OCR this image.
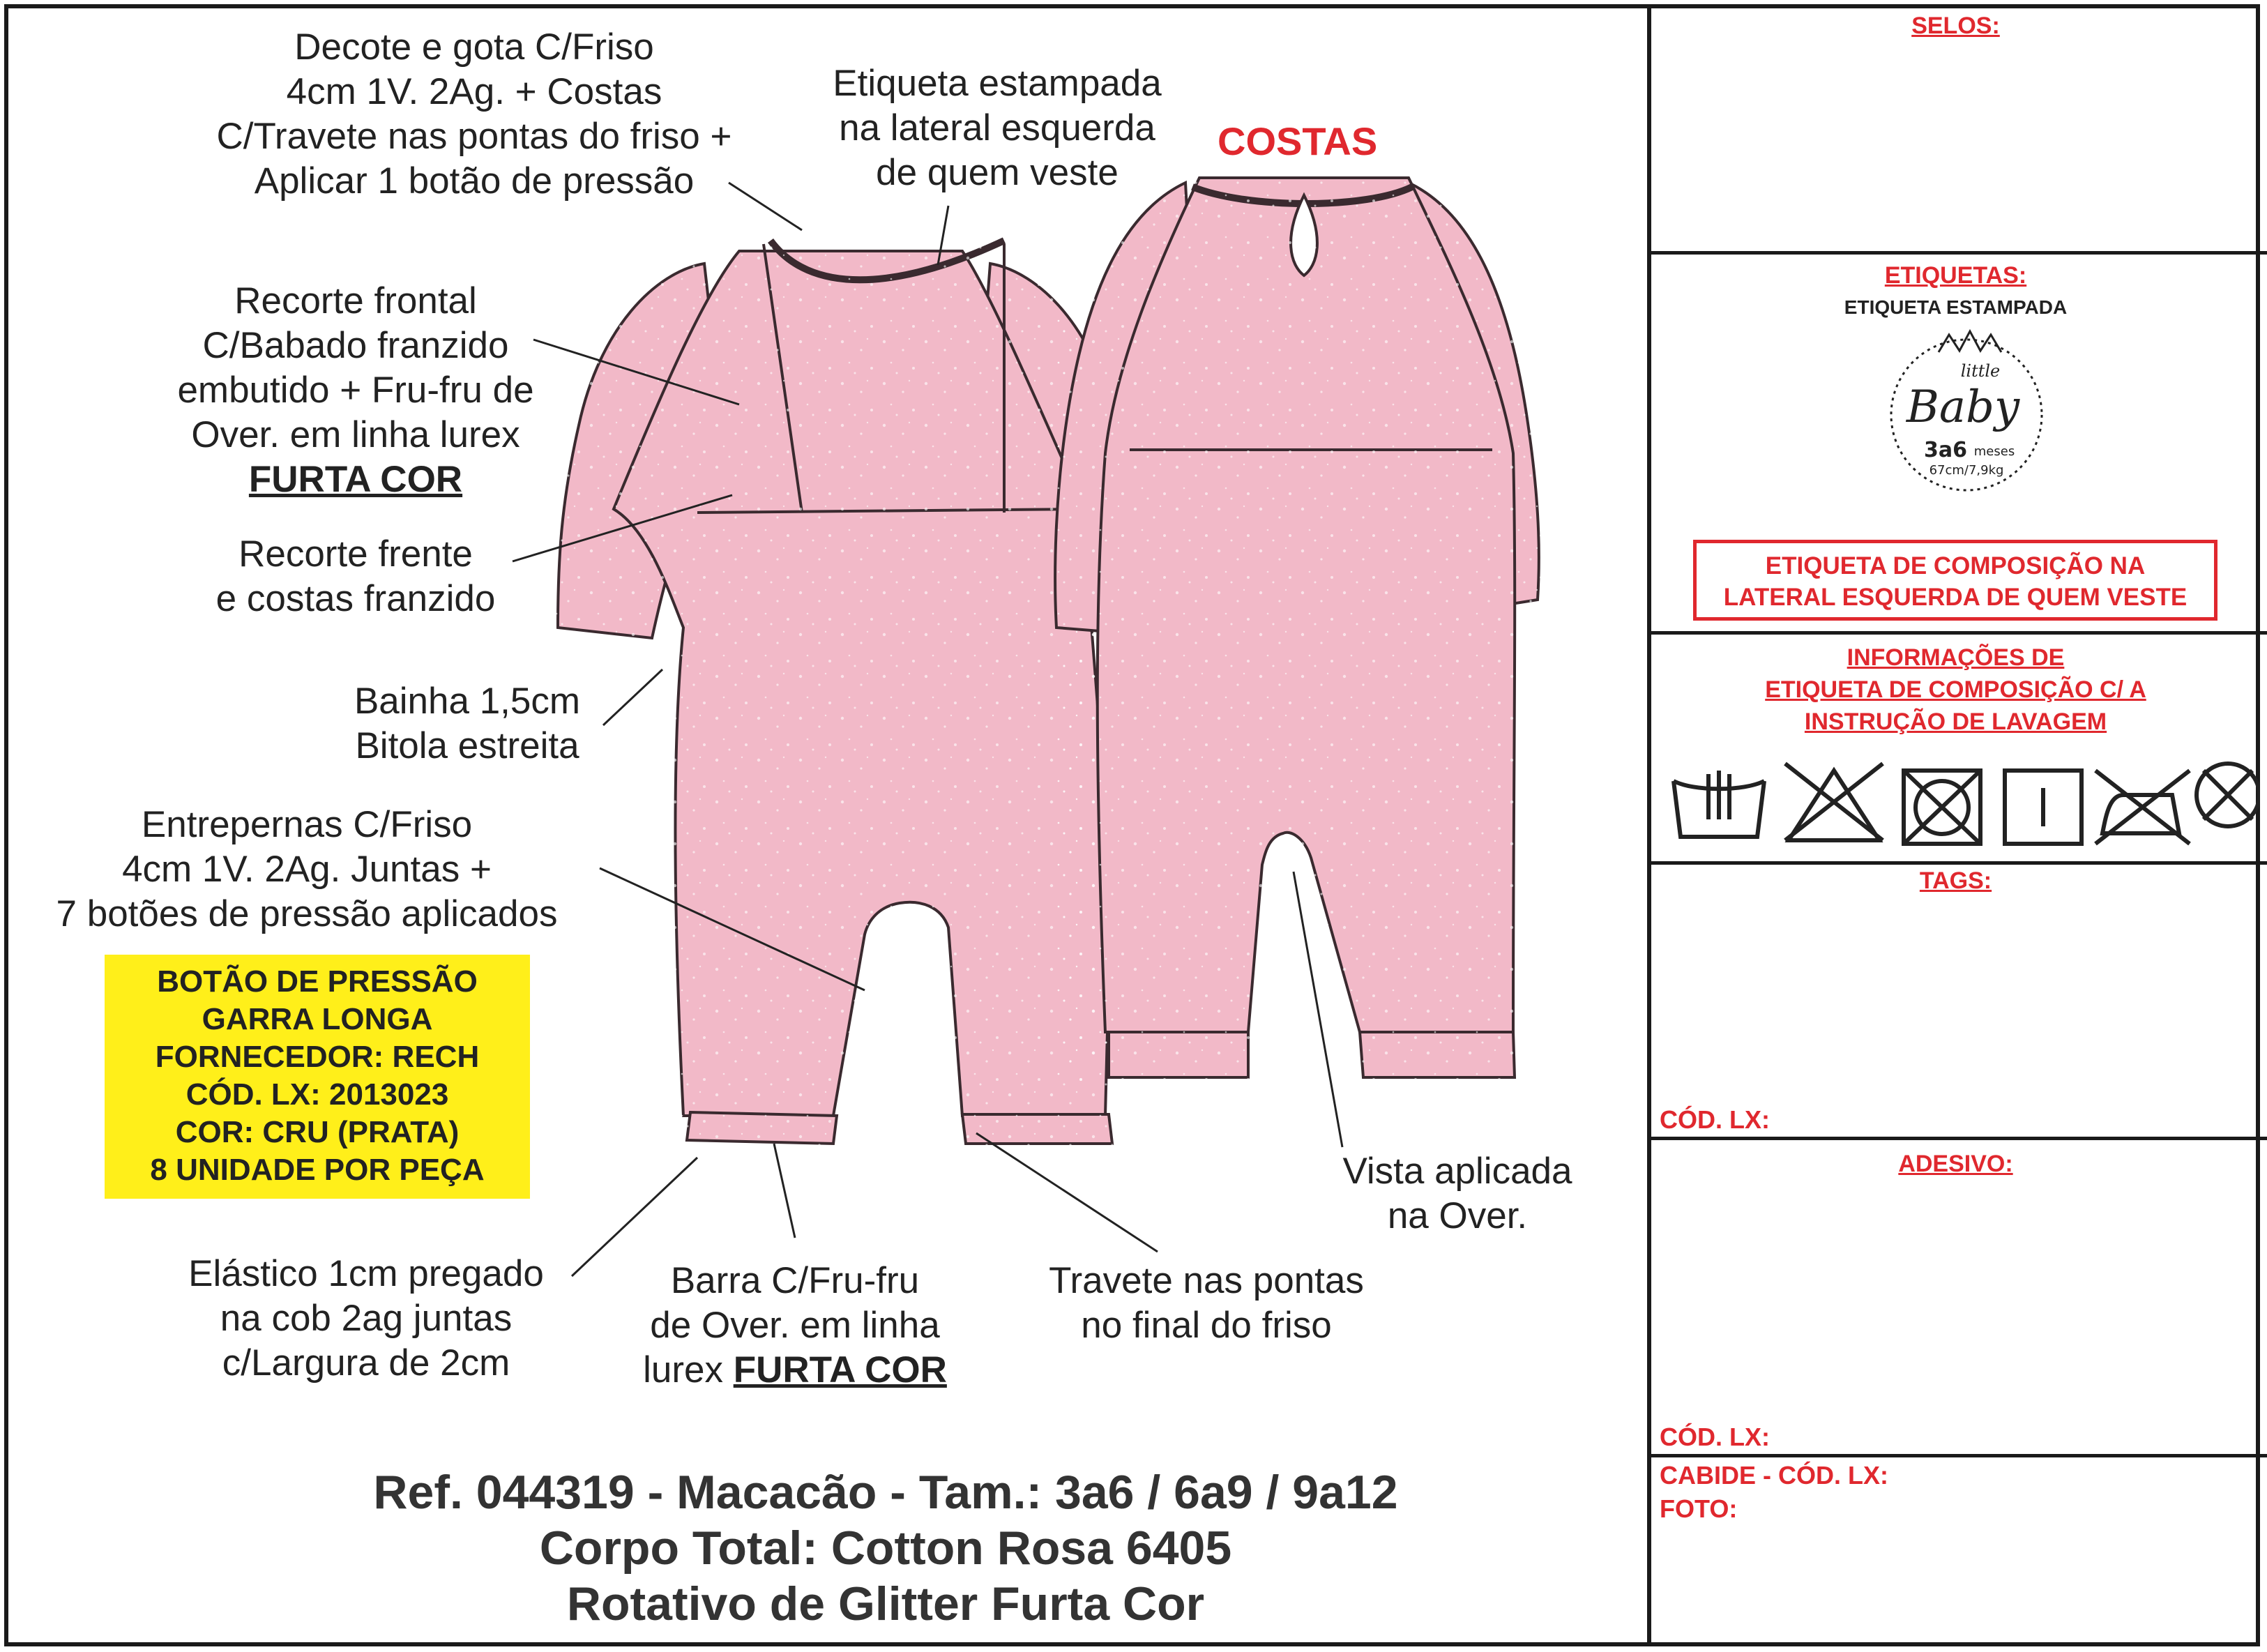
Decote e gota C/Friso
4cm 1V. 2Ag. + Costas
C/Travete nas pontas do friso +
Aplicar 1 botão de pressão
Etiqueta estampada
na lateral esquerda
de quem veste
COSTAS
Recorte frontal
C/Babado franzido
embutido + Fru-fru de
Over. em linha lurex
FURTA COR
Recorte frente
e costas franzido
Bainha 1,5cm
Bitola estreita
Entrepernas C/Friso
4cm 1V. 2Ag. Juntas +
7 botões de pressão aplicados
BOTÃO DE PRESSÃO
GARRA LONGA
FORNECEDOR: RECH
CÓD. LX: 2013023
COR: CRU (PRATA)
8 UNIDADE POR PEÇA
Elástico 1cm pregado
na cob 2ag juntas
c/Largura de 2cm
Barra C/Fru-fru
de Over. em linha
lurex FURTA COR
Travete nas pontas
no final do friso
Vista aplicada
na Over.
Ref. 044319 - Macacão - Tam.: 3a6 / 6a9 / 9a12
Corpo Total: Cotton Rosa 6405
Rotativo de Glitter Furta Cor
SELOS:
ETIQUETAS:
ETIQUETA ESTAMPADA
little
Baby
3a6 meses
67cm/7,9kg
ETIQUETA DE COMPOSIÇÃO NA
LATERAL ESQUERDA DE QUEM VESTE
INFORMAÇÕES DE
ETIQUETA DE COMPOSIÇÃO C/ A
INSTRUÇÃO DE LAVAGEM
TAGS:
CÓD. LX:
ADESIVO:
CÓD. LX:
CABIDE - CÓD. LX:
FOTO:
